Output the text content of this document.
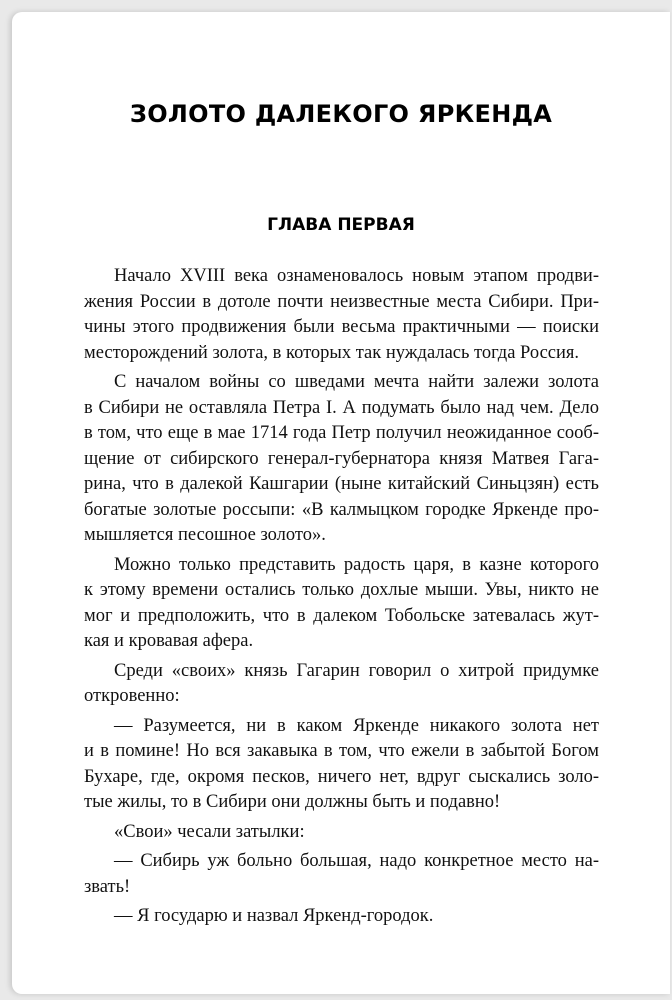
ЗОЛОТО ДАЛЕКОГО ЯРКЕНДА
ГЛАВА ПЕРВАЯ

Начало XVIII века ознаменовалось новым этапом продви-
жения России в дотоле почти неизвестные места Сибири. При-
чины этого продвижения были весьма практичными — поиски
месторождений золота, в которых так нуждалась тогда Россия.

С началом войны со шведами мечта найти залежи золота
в Сибири не оставляла Петра I. А подумать было над чем. Дело
в том, что еще в мае 1714 года Петр получил неожиданное сооб-
щение от сибирского генерал-губернатора князя Матвея Гага-
рина, что в далекой Кашгарии (ныне китайский Синьцзян) есть
богатые золотые россыпи: «В калмыцком городке Яркенде про-
мышляется песошное золото».

Можно только представить радость царя, в казне которого
к этому времени остались только дохлые мыши. Увы, никто не
мог и предположить, что в далеком Тобольске затевалась жут-
кая и кровавая афера.

Среди «своих» князь Гагарин говорил о хитрой придумке
откровенно:

— Разумеется, ни в каком Яркенде никакого золота нет
и в помине! Но вся закавыка в том, что ежели в забытой Богом
Бухаре, где, окромя песков, ничего нет, вдруг сыскались золо-
тые жилы, то в Сибири они должны быть и подавно!

«Свои» чесали затылки:

— Сибирь уж больно большая, надо конкретное место на-
звать!

— Я государю и назвал Яркенд-городок.
